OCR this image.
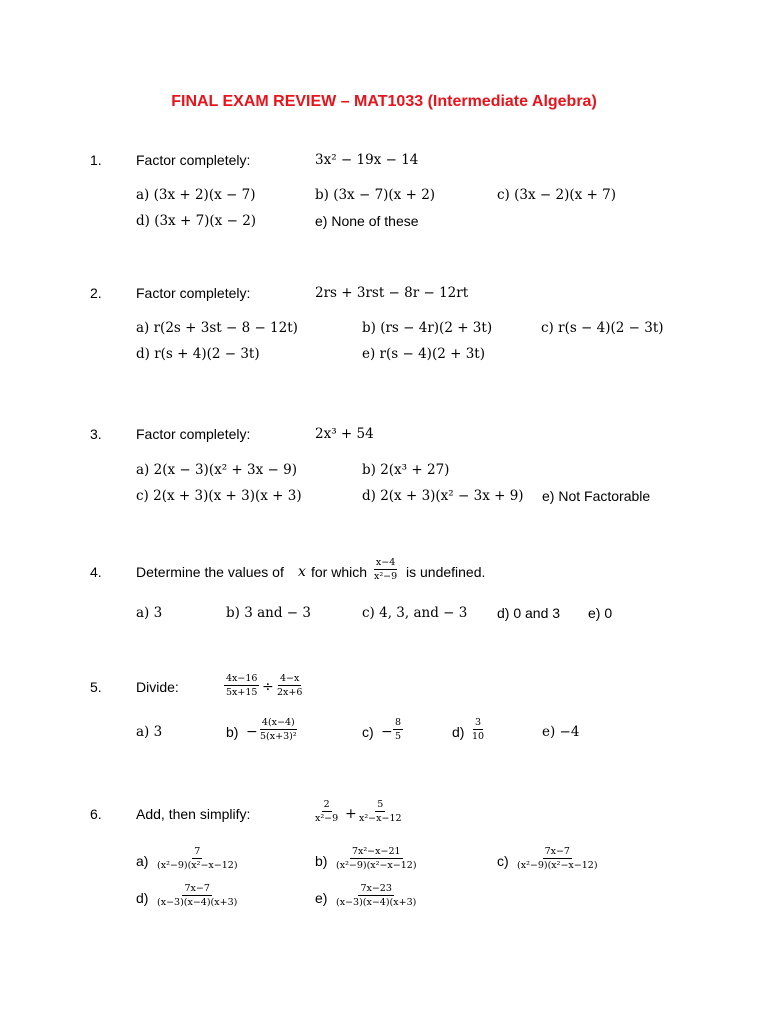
FINAL EXAM REVIEW – MAT1033 (Intermediate Algebra)
1. Factor completely:	3x² − 19x − 14
a) (3x + 2)(x − 7)	b) (3x − 7)(x + 2)	c) (3x − 2)(x + 7)
d) (3x + 7)(x − 2)	e) None of these
2. Factor completely:	2rs + 3rst − 8r − 12rt
a) r(2s + 3st − 8 − 12t)	b) (rs − 4r)(2 + 3t)	c) r(s − 4)(2 − 3t)
d) r(s + 4)(2 − 3t)	e) r(s − 4)(2 + 3t)
3. Factor completely:	2x³ + 54
a) 2(x − 3)(x² + 3x − 9)	b) 2(x³ + 27)
c) 2(x + 3)(x + 3)(x + 3)	d) 2(x + 3)(x² − 3x + 9) e) Not Factorable
4. Determine the values of x for which $\frac{x-4}{\text{x²−9}}$ is undefined.
a) 3	b) 3 and − 3	c) 4, 3, and − 3 d) 0 and 3 e) 0
5. Divide:	$\frac{4x-16}{5x+15} \div \frac{4-x}{2x+6}$
a) 3	$b) - \frac{4(x-4)}{\text{5(x+3)²}}$	$c) - \frac{8}{5}$	$d) \frac{3}{10}$	e) −4
6. Add, then simplify:	$\frac{2}{\text{x²−9}} + \frac{5}{\text{x²−x−12}}$
$a) \frac{7}{\text{(x²−9)(x²−x−12)}}$	$b) \frac{\text{7x²−x−21}}{\text{(x²−9)(x²−x−12)}}$	$c) \frac{7x-7}{\text{(x²−9)(x²−x−12)}}$
$d) \frac{7x-7}{(x-3)(x-4)(x+3)}$	$e) \frac{7x-23}{(x-3)(x-4)(x+3)}$
